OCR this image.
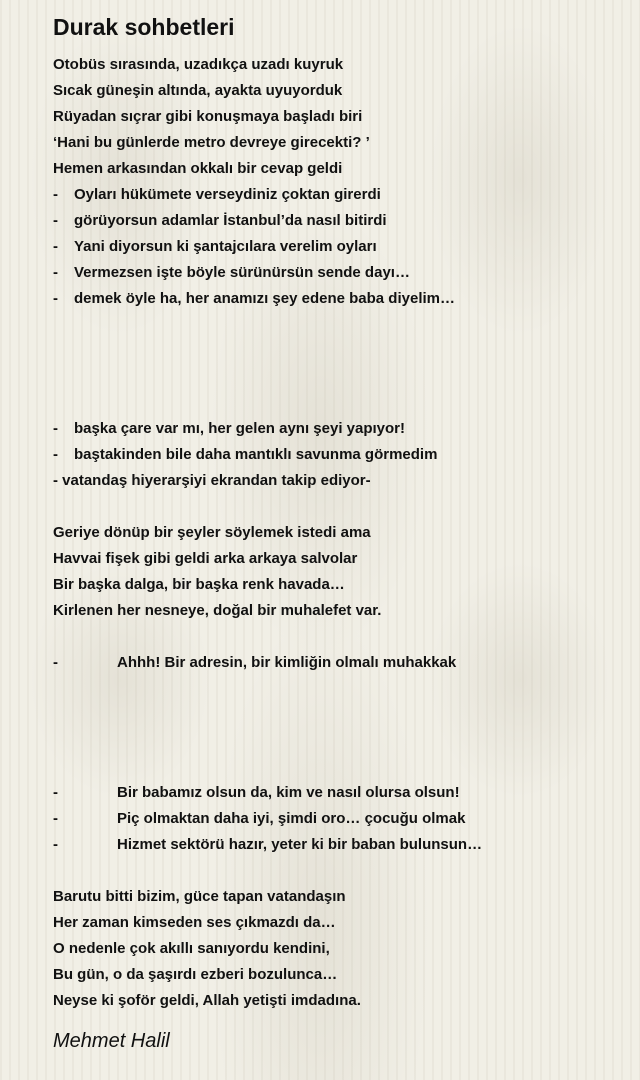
Durak sohbetleri
Otobüs sırasında, uzadıkça uzadı kuyruk
Sıcak güneşin altında, ayakta uyuyorduk
Rüyadan sıçrar gibi konuşmaya başladı biri
‘Hani bu günlerde metro devreye girecekti? ’
Hemen arkasından okkalı bir cevap geldi
- Oyları hükümete verseydiniz çoktan girerdi
- görüyorsun adamlar İstanbul’da nasıl bitirdi
- Yani diyorsun ki şantajcılara verelim oyları
- Vermezsen işte böyle sürünürsün sende dayı…
- demek öyle ha, her anamızı şey edene baba diyelim…
- başka çare var mı, her gelen aynı şeyi yapıyor!
- baştakinden bile daha mantıklı savunma görmedim
- vatandaş hiyerarşiyi ekrandan takip ediyor-
Geriye dönüp bir şeyler söylemek istedi ama
Havvai fişek gibi geldi arka arkaya salvolar
Bir başka dalga, bir başka renk havada…
Kirlenen her nesneye, doğal bir muhalefet var.
-	Ahhh! Bir adresin, bir kimliğin olmalı muhakkak
-	Bir babamız olsun da, kim ve nasıl olursa olsun!
-	Piç olmaktan daha iyi, şimdi oro… çocuğu olmak
-	Hizmet sektörü hazır, yeter ki bir baban bulunsun…
Barutu bitti bizim, güce tapan vatandaşın
Her zaman kimseden ses çıkmazdı da…
O nedenle çok akıllı sanıyordu kendini,
Bu gün, o da şaşırdı ezberi bozulunca…
Neyse ki şoför geldi, Allah yetişti imdadına.
Mehmet Halil
